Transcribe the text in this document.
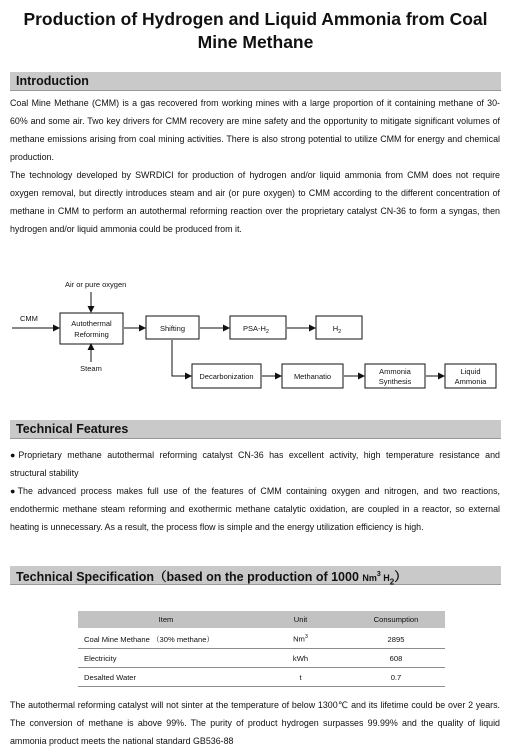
Production of Hydrogen and Liquid Ammonia from Coal
Mine Methane
Introduction

Coal Mine Methane (CMM) is a gas recovered from working mines with a large proportion of it containing methane of 30-60% and some air. Two key drivers for CMM recovery are mine safety and the opportunity to mitigate significant volumes of methane emissions arising from coal mining activities. There is also strong potential to utilize CMM for energy and chemical production.

The technology developed by SWRDICI for production of hydrogen and/or liquid ammonia from CMM does not require oxygen removal, but directly introduces steam and air (or pure oxygen) to CMM according to the different concentration of methane in CMM to perform an autothermal reforming reaction over the proprietary catalyst CN-36 to form a syngas, then hydrogen and/or liquid ammonia could be produced from it.

Air or pure oxygen
CMM
Autothermal
Reforming
Steam
Shifting	PSA-$H_2$	$H_2$
Decarbonization	Methanatio
Ammonia
Synthesis
Liquid
Ammonia
Technical Features

●Proprietary methane autothermal reforming catalyst CN-36 has excellent activity, high temperature resistance and structural stability

●The advanced process makes full use of the features of CMM containing oxygen and nitrogen, and two reactions, endothermic methane steam reforming and exothermic methane catalytic oxidation, are coupled in a reactor, so external heating is unnecessary. As a result, the process flow is simple and the energy utilization efficiency is high.

Technical Specification（based on the production of 1000 Nm$^3$ $H_2$）
Item	Unit	Consumption
Coal Mine Methane （30% methane）	Nm$^3$	2895
Electricity	kWh	608
Desalted Water	t	0.7
The autothermal reforming catalyst will not sinter at the temperature of below 1300℃ and its lifetime could be over 2 years. The conversion of methane is above 99%. The purity of product hydrogen surpasses 99.99% and the quality of liquid ammonia product meets the national standard GB536-88
